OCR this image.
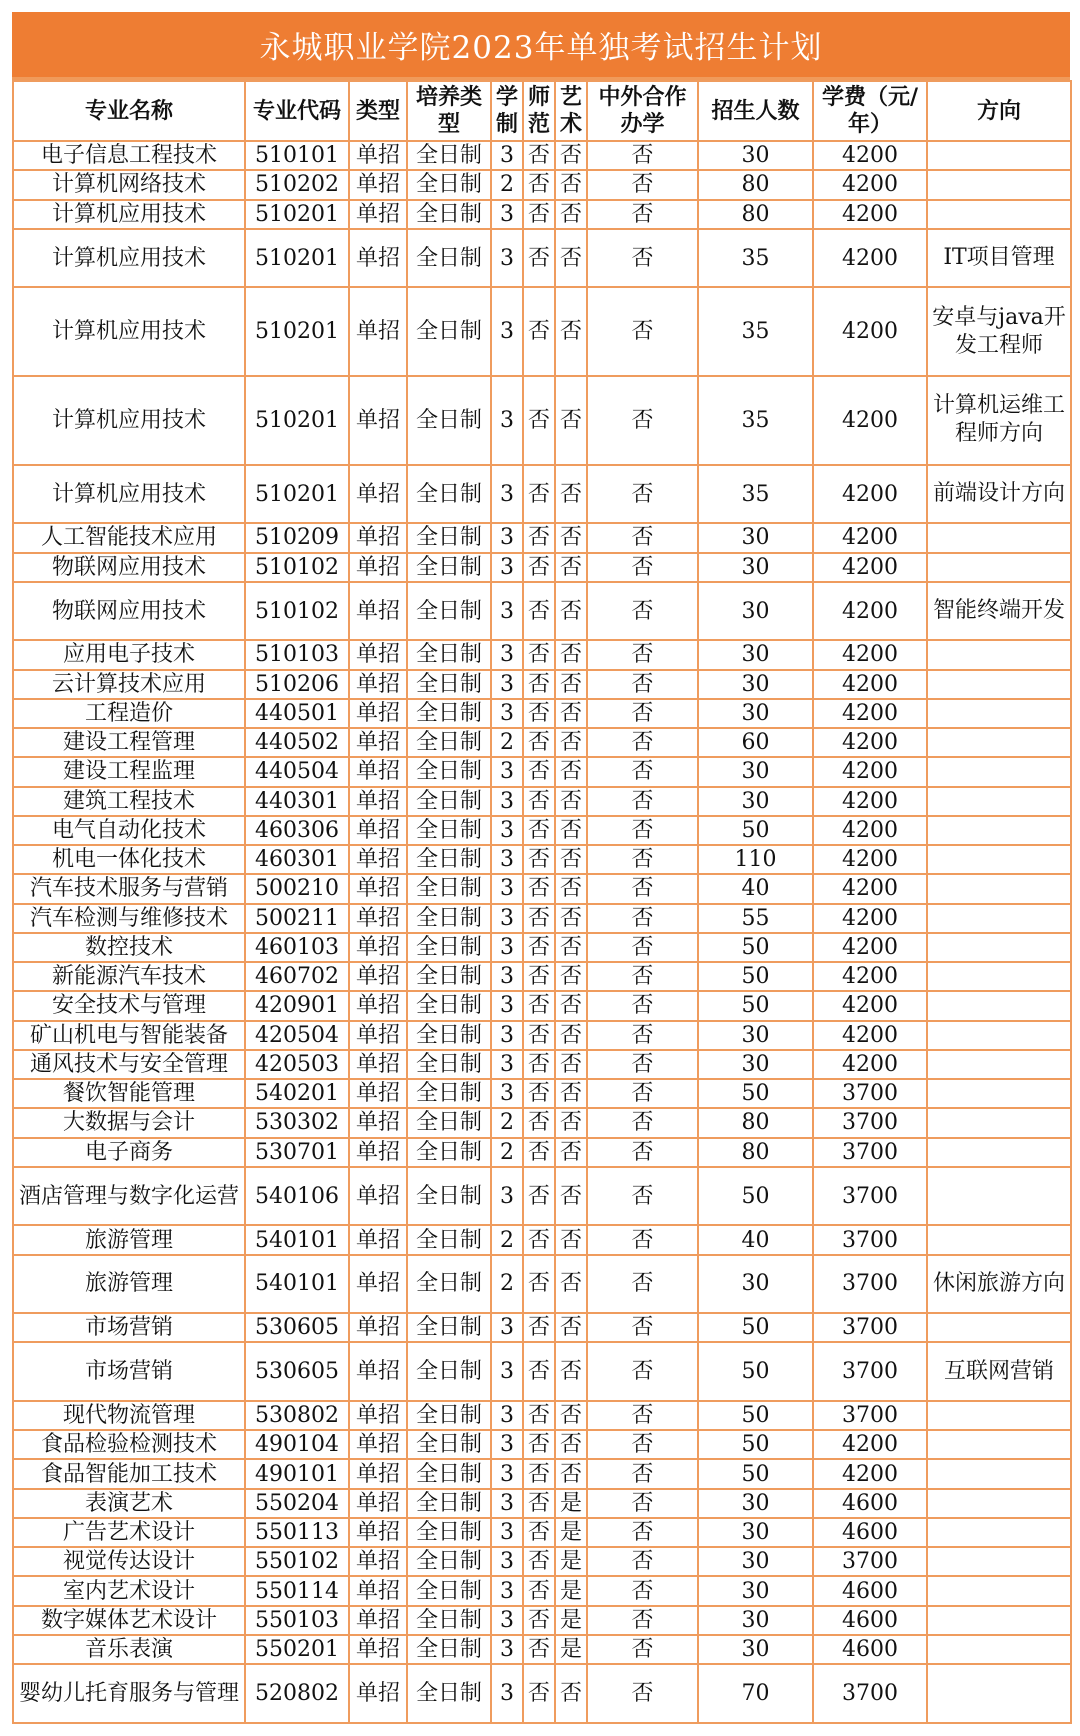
永城职业学院2023年单独考试招生计划
专业名称	专业代码	类型	培养类型	学制	师范	艺术	中外合作办学	招生人数	学费（元/年）	方向
电子信息工程技术	510101	单招	全日制	3	否	否	否	30	4200	
计算机网络技术	510202	单招	全日制	2	否	否	否	80	4200	
计算机应用技术	510201	单招	全日制	3	否	否	否	80	4200	
计算机应用技术	510201	单招	全日制	3	否	否	否	35	4200	IT项目管理
计算机应用技术	510201	单招	全日制	3	否	否	否	35	4200	安卓与java开发工程师
计算机应用技术	510201	单招	全日制	3	否	否	否	35	4200	计算机运维工程师方向
计算机应用技术	510201	单招	全日制	3	否	否	否	35	4200	前端设计方向
人工智能技术应用	510209	单招	全日制	3	否	否	否	30	4200	
物联网应用技术	510102	单招	全日制	3	否	否	否	30	4200	
物联网应用技术	510102	单招	全日制	3	否	否	否	30	4200	智能终端开发
应用电子技术	510103	单招	全日制	3	否	否	否	30	4200	
云计算技术应用	510206	单招	全日制	3	否	否	否	30	4200	
工程造价	440501	单招	全日制	3	否	否	否	30	4200	
建设工程管理	440502	单招	全日制	2	否	否	否	60	4200	
建设工程监理	440504	单招	全日制	3	否	否	否	30	4200	
建筑工程技术	440301	单招	全日制	3	否	否	否	30	4200	
电气自动化技术	460306	单招	全日制	3	否	否	否	50	4200	
机电一体化技术	460301	单招	全日制	3	否	否	否	110	4200	
汽车技术服务与营销	500210	单招	全日制	3	否	否	否	40	4200	
汽车检测与维修技术	500211	单招	全日制	3	否	否	否	55	4200	
数控技术	460103	单招	全日制	3	否	否	否	50	4200	
新能源汽车技术	460702	单招	全日制	3	否	否	否	50	4200	
安全技术与管理	420901	单招	全日制	3	否	否	否	50	4200	
矿山机电与智能装备	420504	单招	全日制	3	否	否	否	30	4200	
通风技术与安全管理	420503	单招	全日制	3	否	否	否	30	4200	
餐饮智能管理	540201	单招	全日制	3	否	否	否	50	3700	
大数据与会计	530302	单招	全日制	2	否	否	否	80	3700	
电子商务	530701	单招	全日制	2	否	否	否	80	3700	
酒店管理与数字化运营	540106	单招	全日制	3	否	否	否	50	3700	
旅游管理	540101	单招	全日制	2	否	否	否	40	3700	
旅游管理	540101	单招	全日制	2	否	否	否	30	3700	休闲旅游方向
市场营销	530605	单招	全日制	3	否	否	否	50	3700	
市场营销	530605	单招	全日制	3	否	否	否	50	3700	互联网营销
现代物流管理	530802	单招	全日制	3	否	否	否	50	3700	
食品检验检测技术	490104	单招	全日制	3	否	否	否	50	4200	
食品智能加工技术	490101	单招	全日制	3	否	否	否	50	4200	
表演艺术	550204	单招	全日制	3	否	是	否	30	4600	
广告艺术设计	550113	单招	全日制	3	否	是	否	30	4600	
视觉传达设计	550102	单招	全日制	3	否	是	否	30	3700	
室内艺术设计	550114	单招	全日制	3	否	是	否	30	4600	
数字媒体艺术设计	550103	单招	全日制	3	否	是	否	30	4600	
音乐表演	550201	单招	全日制	3	否	是	否	30	4600	
婴幼儿托育服务与管理	520802	单招	全日制	3	否	否	否	70	3700	
